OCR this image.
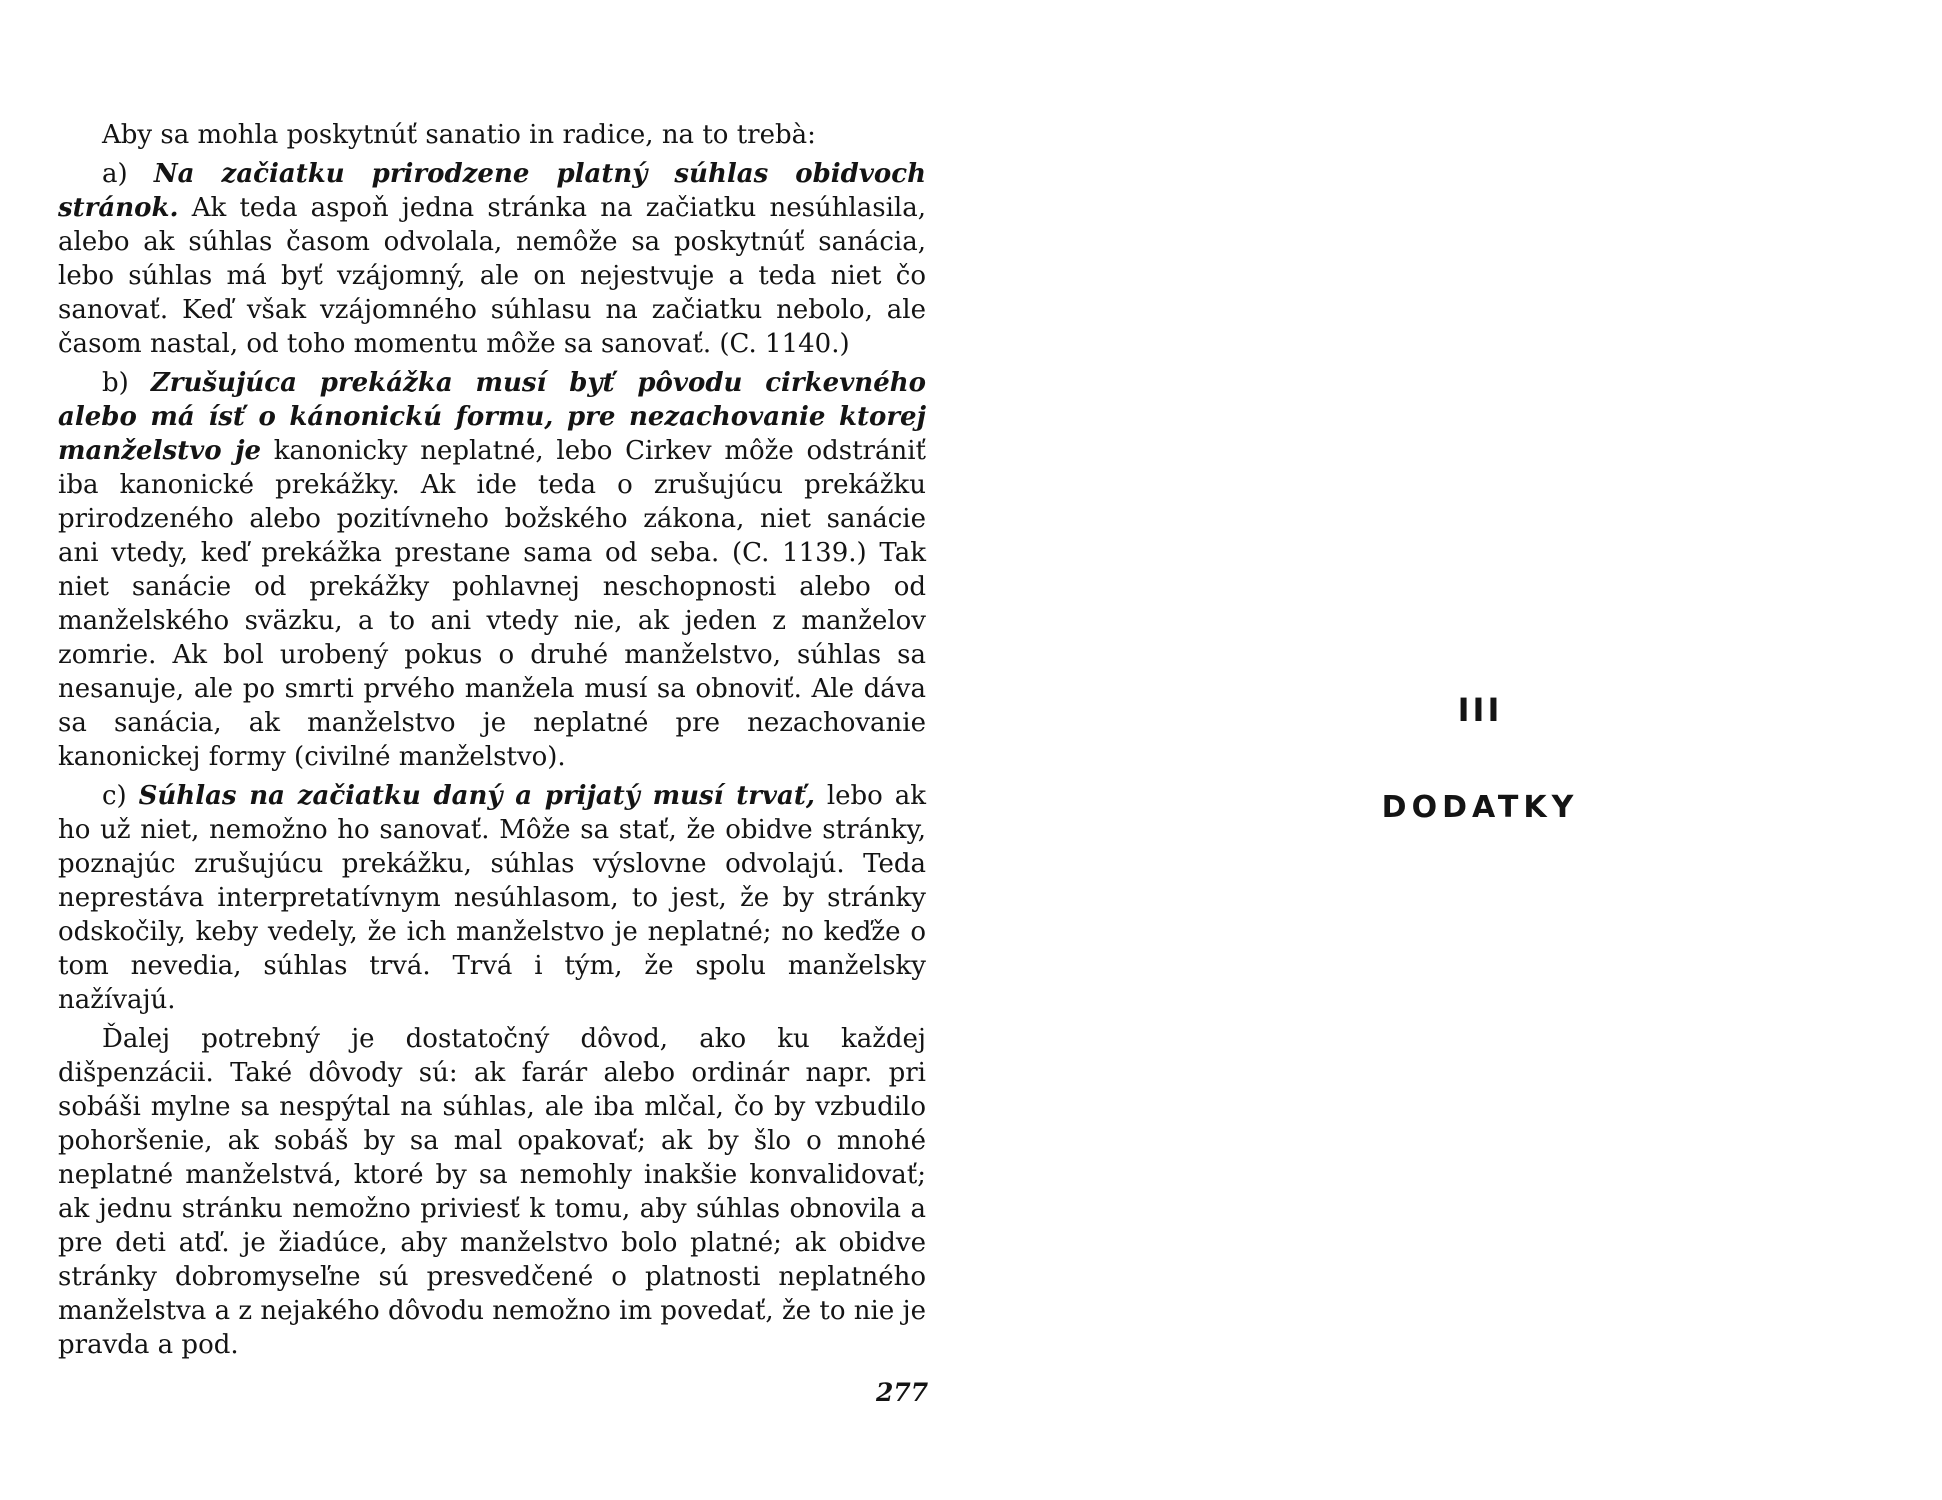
Aby sa mohla poskytnúť sanatio in radice, na to trebà:

a) Na začiatku prirodzene platný súhlas obidvoch stránok. Ak teda aspoň jedna stránka na začiatku nesúhlasila, alebo ak súhlas časom odvolala, nemôže sa poskytnúť sanácia, lebo súhlas má byť vzájomný, ale on nejestvuje a teda niet čo sanovať. Keď však vzájomného súhlasu na začiatku nebolo, ale časom nastal, od toho momentu môže sa sanovať. (C. 1140.)

b) Zrušujúca prekážka musí byť pôvodu cirkevného alebo má ísť o kánonickú formu, pre nezachovanie ktorej manželstvo je kanonicky neplatné, lebo Cirkev môže odstrániť iba kanonické prekážky. Ak ide teda o zrušujúcu prekážku prirodzeného alebo pozitívneho božského zákona, niet sanácie ani vtedy, keď prekážka prestane sama od seba. (C. 1139.) Tak niet sanácie od prekážky pohlavnej neschopnosti alebo od manželského sväzku, a to ani vtedy nie, ak jeden z manželov zomrie. Ak bol urobený pokus o druhé manželstvo, súhlas sa nesanuje, ale po smrti prvého manžela musí sa obnoviť. Ale dáva sa sanácia, ak manželstvo je neplatné pre nezachovanie kanonickej formy (civilné manželstvo).

c) Súhlas na začiatku daný a prijatý musí trvať, lebo ak ho už niet, nemožno ho sanovať. Môže sa stať, že obidve stránky, poznajúc zrušujúcu prekážku, súhlas výslovne odvolajú. Teda neprestáva interpretatívnym nesúhlasom, to jest, že by stránky odskočily, keby vedely, že ich manželstvo je neplatné; no keďže o tom nevedia, súhlas trvá. Trvá i tým, že spolu manželsky nažívajú.

Ďalej potrebný je dostatočný dôvod, ako ku každej dišpenzácii. Také dôvody sú: ak farár alebo ordinár napr. pri sobáši mylne sa nespýtal na súhlas, ale iba mlčal, čo by vzbudilo pohoršenie, ak sobáš by sa mal opakovať; ak by šlo o mnohé neplatné manželstvá, ktoré by sa nemohly inakšie konvalidovať; ak jednu stránku nemožno priviesť k tomu, aby súhlas obnovila a pre deti atď. je žiadúce, aby manželstvo bolo platné; ak obidve stránky dobromyseľne sú presvedčené o platnosti neplatného manželstva a z nejakého dôvodu nemožno im povedať, že to nie je pravda a pod.

277
III
DODATKY
